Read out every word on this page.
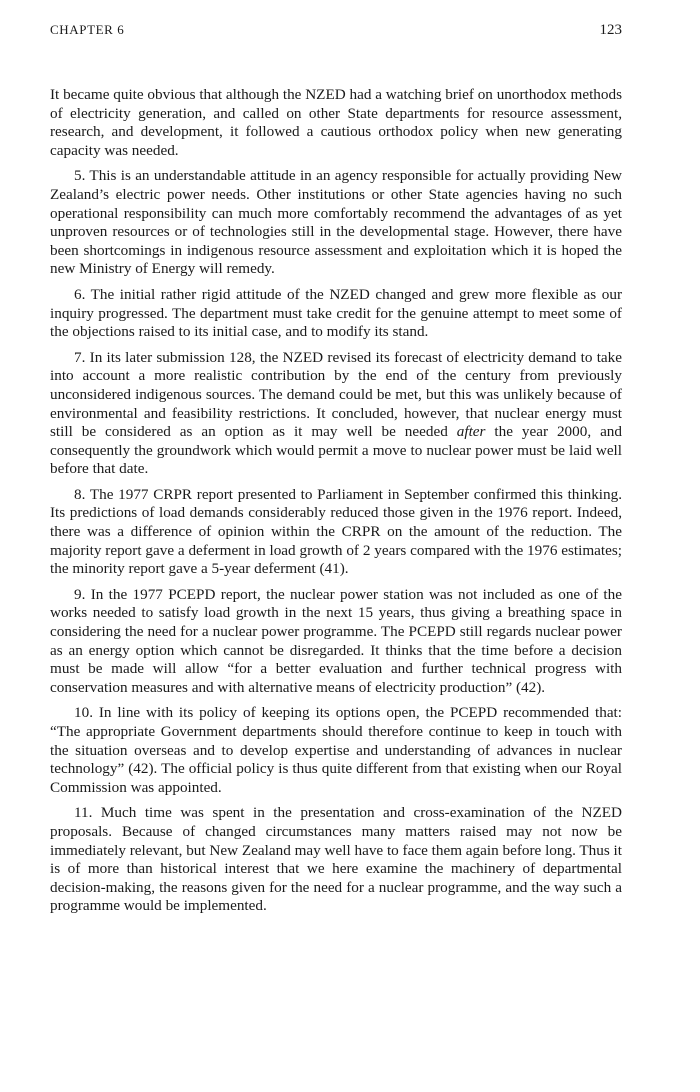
CHAPTER 6	123

It became quite obvious that although the NZED had a watching brief on unorthodox methods of electricity generation, and called on other State departments for resource assessment, research, and development, it followed a cautious orthodox policy when new generating capacity was needed.

5. This is an understandable attitude in an agency responsible for actually providing New Zealand’s electric power needs. Other institutions or other State agencies having no such operational responsibility can much more comfortably recommend the advantages of as yet unproven resources or of technologies still in the developmental stage. However, there have been shortcomings in indigenous resource assessment and exploitation which it is hoped the new Ministry of Energy will remedy.

6. The initial rather rigid attitude of the NZED changed and grew more flexible as our inquiry progressed. The department must take credit for the genuine attempt to meet some of the objections raised to its initial case, and to modify its stand.

7. In its later submission 128, the NZED revised its forecast of electricity demand to take into account a more realistic contribution by the end of the century from previously unconsidered indigenous sources. The demand could be met, but this was unlikely because of environmental and feasibility restrictions. It concluded, however, that nuclear energy must still be considered as an option as it may well be needed after the year 2000, and consequently the groundwork which would permit a move to nuclear power must be laid well before that date.

8. The 1977 CRPR report presented to Parliament in September confirmed this thinking. Its predictions of load demands considerably reduced those given in the 1976 report. Indeed, there was a difference of opinion within the CRPR on the amount of the reduction. The majority report gave a deferment in load growth of 2 years compared with the 1976 estimates; the minority report gave a 5-year deferment (41).

9. In the 1977 PCEPD report, the nuclear power station was not included as one of the works needed to satisfy load growth in the next 15 years, thus giving a breathing space in considering the need for a nuclear power programme. The PCEPD still regards nuclear power as an energy option which cannot be disregarded. It thinks that the time before a decision must be made will allow “for a better evaluation and further technical progress with conservation measures and with alternative means of electricity production” (42).

10. In line with its policy of keeping its options open, the PCEPD recommended that: “The appropriate Government departments should therefore continue to keep in touch with the situation overseas and to develop expertise and understanding of advances in nuclear technology” (42). The official policy is thus quite different from that existing when our Royal Commission was appointed.

11. Much time was spent in the presentation and cross-examination of the NZED proposals. Because of changed circumstances many matters raised may not now be immediately relevant, but New Zealand may well have to face them again before long. Thus it is of more than historical interest that we here examine the machinery of departmental decision-making, the reasons given for the need for a nuclear programme, and the way such a programme would be implemented.
